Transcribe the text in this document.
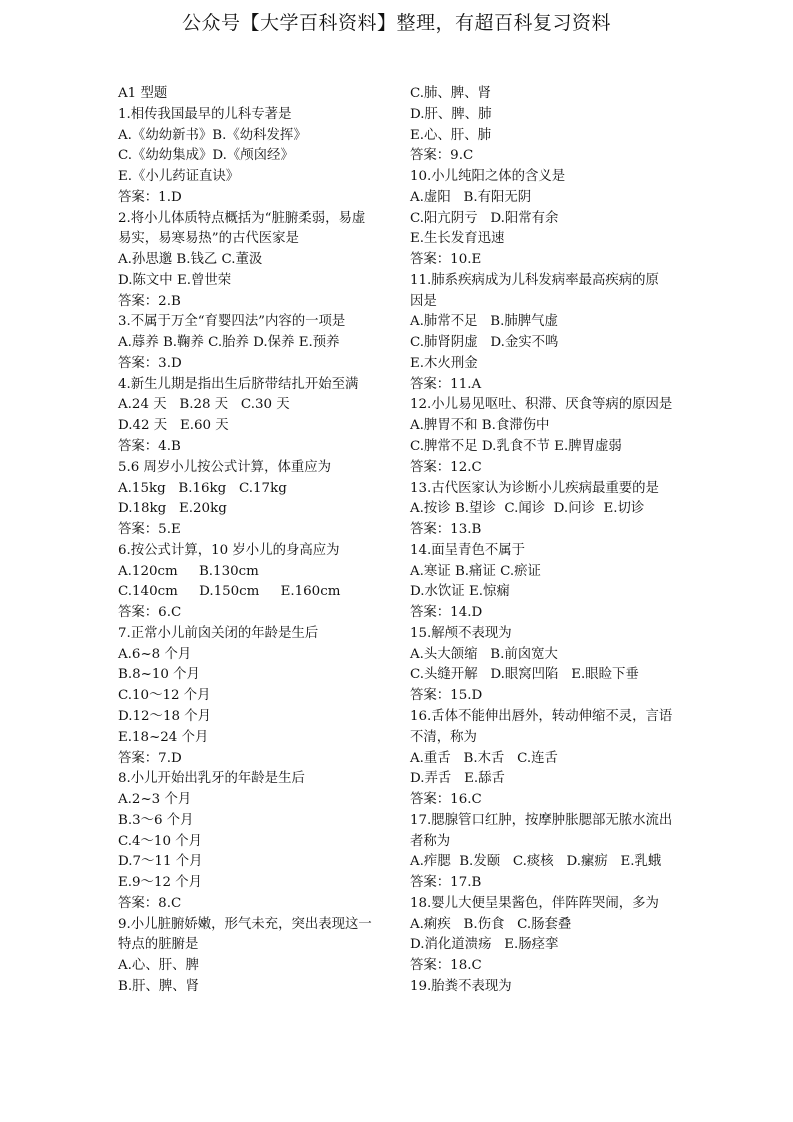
公众号【大学百科资料】整理，有超百科复习资料
A1 型题
1.相传我国最早的儿科专著是
A.《幼幼新书》B.《幼科发挥》
C.《幼幼集成》D.《颅囟经》
E.《小儿药证直诀》
答案：1.D
2.将小儿体质特点概括为“脏腑柔弱，易虚
易实，易寒易热”的古代医家是
A.孙思邈 B.钱乙 C.董汲
D.陈文中 E.曾世荣
答案：2.B
3.不属于万全“育婴四法”内容的一项是
A.蓐养 B.鞠养 C.胎养 D.保养 E.预养
答案：3.D
4.新生儿期是指出生后脐带结扎开始至满
A.24 天   B.28 天   C.30 天
D.42 天   E.60 天
答案：4.B
5.6 周岁小儿按公式计算，体重应为
A.15kg   B.16kg   C.17kg
D.18kg   E.20kg
答案：5.E
6.按公式计算，10 岁小儿的身高应为
A.120cm     B.130cm
C.140cm     D.150cm     E.160cm
答案：6.C
7.正常小儿前囟关闭的年龄是生后
A.6~8 个月
B.8~10 个月
C.10～12 个月
D.12～18 个月
E.18~24 个月
答案：7.D
8.小儿开始出乳牙的年龄是生后
A.2~3 个月
B.3～6 个月
C.4～10 个月
D.7～11 个月
E.9～12 个月
答案：8.C
9.小儿脏腑娇嫩，形气未充，突出表现这一
特点的脏腑是
A.心、肝、脾
B.肝、脾、肾
C.肺、脾、肾
D.肝、脾、肺
E.心、肝、肺
答案：9.C
10.小儿纯阳之体的含义是
A.虚阳   B.有阳无阴
C.阳亢阴亏   D.阳常有余
E.生长发育迅速
答案：10.E
11.肺系疾病成为儿科发病率最高疾病的原
因是
A.肺常不足   B.肺脾气虚
C.肺肾阴虚   D.金实不鸣
E.木火刑金
答案：11.A
12.小儿易见呕吐、积滞、厌食等病的原因是
A.脾胃不和 B.食滞伤中
C.脾常不足 D.乳食不节 E.脾胃虚弱
答案：12.C
13.古代医家认为诊断小儿疾病最重要的是
A.按诊 B.望诊  C.闻诊  D.问诊  E.切诊
答案：13.B
14.面呈青色不属于
A.寒证 B.痛证 C.瘀证
D.水饮证 E.惊痫
答案：14.D
15.解颅不表现为
A.头大颌缩   B.前囟宽大
C.头缝开解   D.眼窝凹陷   E.眼睑下垂
答案：15.D
16.舌体不能伸出唇外，转动伸缩不灵，言语
不清，称为
A.重舌   B.木舌   C.连舌
D.弄舌   E.舔舌
答案：16.C
17.腮腺管口红肿，按摩肿胀腮部无脓水流出
者称为
A.痄腮  B.发颐   C.痰核   D.瘰疬   E.乳蛾
答案：17.B
18.婴儿大便呈果酱色，伴阵阵哭闹，多为
A.痢疾   B.伤食   C.肠套叠
D.消化道溃疡   E.肠痉挛
答案：18.C
19.胎粪不表现为
